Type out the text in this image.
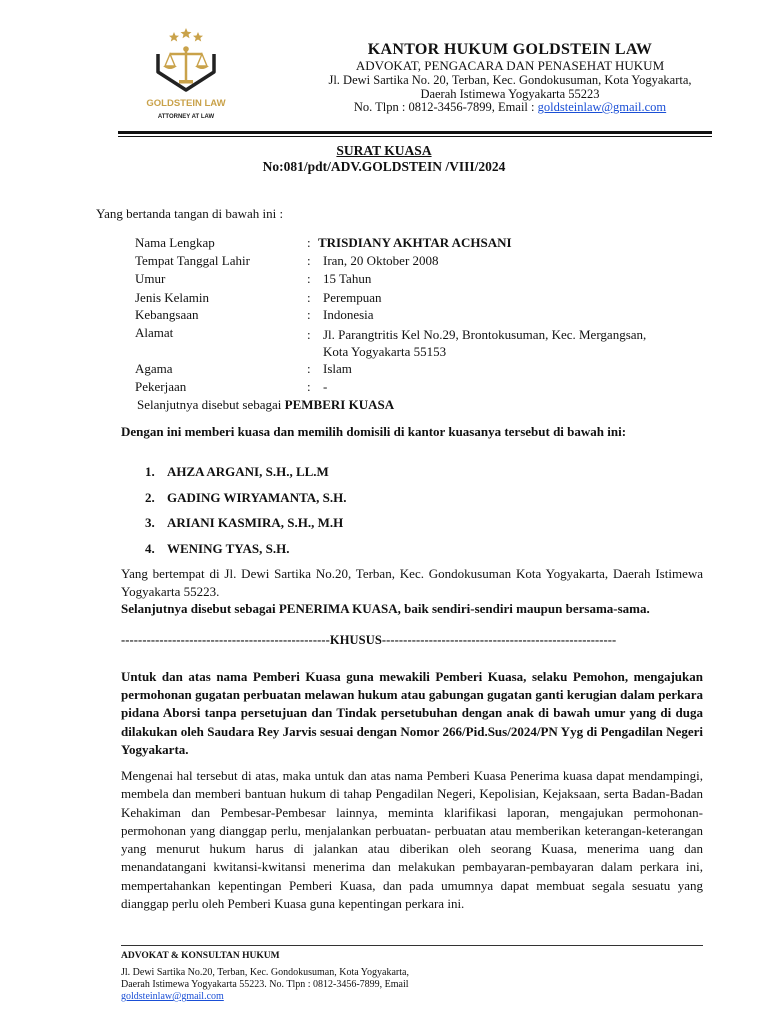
GOLDSTEIN LAW
ATTORNEY AT LAW
KANTOR HUKUM GOLDSTEIN LAW
ADVOKAT, PENGACARA DAN PENASEHAT HUKUM
Jl. Dewi Sartika No. 20, Terban, Kec. Gondokusuman, Kota Yogyakarta,
Daerah Istimewa Yogyakarta 55223
No. Tlpn : 0812-3456-7899, Email : goldsteinlaw@gmail.com
SURAT KUASA
No:081/pdt/ADV.GOLDSTEIN /VIII/2024
Yang bertanda tangan di bawah ini :
Nama Lengkap	: TRISDIANY AKHTAR ACHSANI
Tempat Tanggal Lahir	: Iran, 20 Oktober 2008
Umur	: 15 Tahun
Jenis Kelamin	: Perempuan
Kebangsaan	: Indonesia
Alamat	: Jl. Parangtritis Kel No.29, Brontokusuman, Kec. Mergangsan,
Kota Yogyakarta 55153
Agama	: Islam
Pekerjaan	: -
Selanjutnya disebut sebagai PEMBERI KUASA
Dengan ini memberi kuasa dan memilih domisili di kantor kuasanya tersebut di bawah ini:
1. AHZA ARGANI, S.H., LL.M
2. GADING WIRYAMANTA, S.H.
3. ARIANI KASMIRA, S.H., M.H
4. WENING TYAS, S.H.
Yang bertempat di Jl. Dewi Sartika No.20, Terban, Kec. Gondokusuman Kota Yogyakarta, Daerah Istimewa Yogyakarta 55223.
Selanjutnya disebut sebagai PENERIMA KUASA, baik sendiri-sendiri maupun bersama-sama.
-------------------------------------------------KHUSUS-------------------------------------------------------
Untuk dan atas nama Pemberi Kuasa guna mewakili Pemberi Kuasa, selaku Pemohon, mengajukan permohonan gugatan perbuatan melawan hukum atau gabungan gugatan ganti kerugian dalam perkara pidana Aborsi tanpa persetujuan dan Tindak persetubuhan dengan anak di bawah umur yang di duga dilakukan oleh Saudara Rey Jarvis sesuai dengan Nomor 266/Pid.Sus/2024/PN Yyg di Pengadilan Negeri Yogyakarta.
Mengenai hal tersebut di atas, maka untuk dan atas nama Pemberi Kuasa Penerima kuasa dapat mendampingi, membela dan memberi bantuan hukum di tahap Pengadilan Negeri, Kepolisian, Kejaksaan, serta Badan-Badan Kehakiman dan Pembesar-Pembesar lainnya, meminta klarifikasi laporan, mengajukan permohonan-permohonan yang dianggap perlu, menjalankan perbuatan- perbuatan atau memberikan keterangan-keterangan yang menurut hukum harus di jalankan atau diberikan oleh seorang Kuasa, menerima uang dan menandatangani kwitansi-kwitansi menerima dan melakukan pembayaran-pembayaran dalam perkara ini, mempertahankan kepentingan Pemberi Kuasa, dan pada umumnya dapat membuat segala sesuatu yang dianggap perlu oleh Pemberi Kuasa guna kepentingan perkara ini.
ADVOKAT & KONSULTAN HUKUM
Jl. Dewi Sartika No.20, Terban, Kec. Gondokusuman, Kota Yogyakarta,
Daerah Istimewa Yogyakarta 55223. No. Tlpn : 0812-3456-7899, Email
goldsteinlaw@gmail.com
